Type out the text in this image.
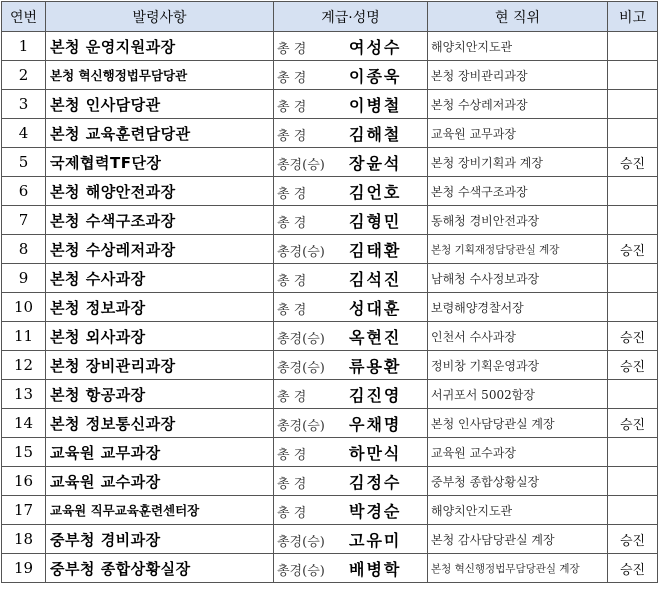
연번	발령사항	계급·성명	현 직위	비고
1	본청 운영지원과장	총 경 여성수	해양치안지도관	
2	본청 혁신행정법무담당관	총 경 이종욱	본청 장비관리과장	
3	본청 인사담당관	총 경 이병철	본청 수상레저과장	
4	본청 교육훈련담당관	총 경 김해철	교육원 교무과장	
5	국제협력TF단장	총경(승) 장윤석	본청 장비기획과 계장	승진
6	본청 해양안전과장	총 경 김언호	본청 수색구조과장	
7	본청 수색구조과장	총 경 김형민	동해청 경비안전과장	
8	본청 수상레저과장	총경(승) 김태환	본청 기획재정담당관실 계장	승진
9	본청 수사과장	총 경 김석진	남해청 수사정보과장	
10	본청 정보과장	총 경 성대훈	보령해양경찰서장	
11	본청 외사과장	총경(승) 옥현진	인천서 수사과장	승진
12	본청 장비관리과장	총경(승) 류용환	정비창 기획운영과장	승진
13	본청 항공과장	총 경 김진영	서귀포서 5002함장	
14	본청 정보통신과장	총경(승) 우채명	본청 인사담당관실 계장	승진
15	교육원 교무과장	총 경 하만식	교육원 교수과장	
16	교육원 교수과장	총 경 김정수	중부청 종합상황실장	
17	교육원 직무교육훈련센터장	총 경 박경순	해양치안지도관	
18	중부청 경비과장	총경(승) 고유미	본청 감사담당관실 계장	승진
19	중부청 종합상황실장	총경(승) 배병학	본청 혁신행정법무담당관실 계장	승진
